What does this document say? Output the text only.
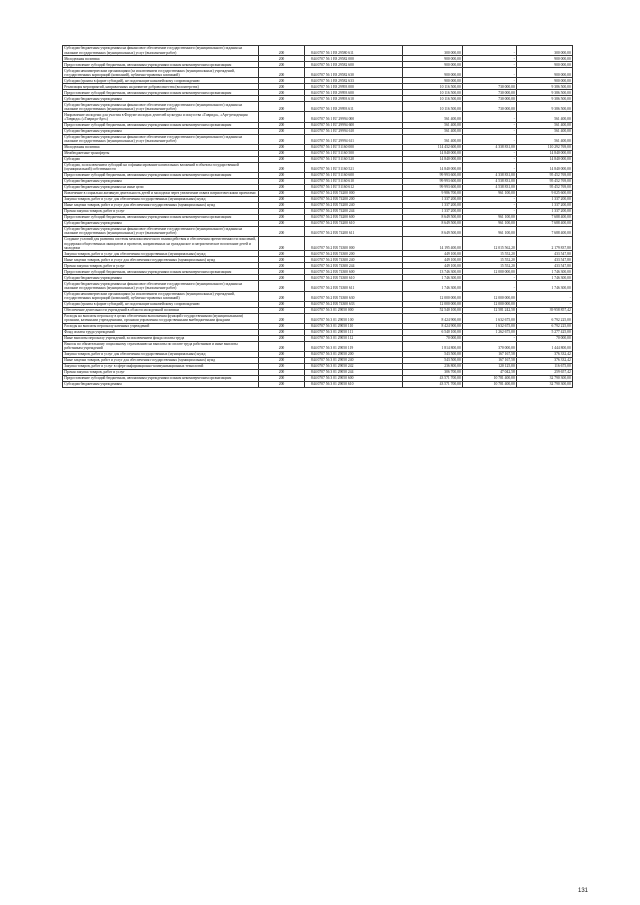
Субсидии бюджетным учреждениям на финансовое обеспечение государственного (муниципального) задания на оказание государственных (муниципальных) услуг (выполнение работ)	200	844 0707 56 1 Е8 29580 611	300 000,00	-	300 000,00
Молодежная политика	200	844 0707 56 1 Е8 29582 000	900 000,00	-	900 000,00
Предоставление субсидий бюджетным, автономным учреждениям и иным некоммерческим организациям	200	844 0707 56 1 Е8 29582 600	900 000,00	-	900 000,00
Субсидии некоммерческим организациям (за исключением государственных (муниципальных) учреждений, государственных корпораций (компаний), публично-правовых компаний)	200	844 0707 56 1 Е8 29582 630	900 000,00	-	900 000,00
Субсидии (гранты в форме субсидий), не подлежащие казначейскому сопровождению	200	844 0707 56 1 Е8 29582 633	900 000,00	-	900 000,00
Реализация мероприятий, направленных на развитие добровольчества (волонтерства)	200	844 0707 56 1 Е8 29993 000	10 116 500,00	730 000,00	9 386 500,00
Предоставление субсидий бюджетным, автономным учреждениям и иным некоммерческим организациям	200	844 0707 56 1 Е8 29993 600	10 116 500,00	730 000,00	9 386 500,00
Субсидии бюджетным учреждениям	200	844 0707 56 1 Е8 29993 610	10 116 500,00	730 000,00	9 386 500,00
Субсидии бюджетным учреждениям на финансовое обеспечение государственного (муниципального) задания на оказание государственных (муниципальных) услуг (выполнение работ)	200	844 0707 56 1 Е8 29993 611	10 116 500,00	730 000,00	9 386 500,00
Направление молодежи для участия в Форуме молодых деятелей культуры и искусства «Таврида», «Арт-резиденция «Таврида» («Таврида-Арт»)	200	844 0707 56 1 ЕГ 29994 000	561 400,00	-	561 400,00
Предоставление субсидий бюджетным, автономным учреждениям и иным некоммерческим организациям	200	844 0707 56 1 ЕГ 29994 600	561 400,00	-	561 400,00
Субсидии бюджетным учреждениям	200	844 0707 56 1 ЕГ 29994 610	561 400,00	-	561 400,00
Субсидии бюджетным учреждениям на финансовое обеспечение государственного (муниципального) задания на оказание государственных (муниципальных) услуг (выполнение работ)	200	844 0707 56 1 ЕГ 29994 611	561 400,00	-	561 400,00
Молодежная политика	200	844 0707 56 1 ЕГ 51160 000	114 432 600,00	4 338 831,00	110 292 769,00
Межбюджетные трансферты	200	844 0707 56 1 ЕГ 51160 500	14 840 000,00	-	14 840 000,00
Субсидии	200	844 0707 56 1 ЕГ 51160 520	14 840 000,00	-	14 840 000,00
Субсидии, за исключением субсидий на софинансирование капитальных вложений в объекты государственной (муниципальной) собственности	200	844 0707 56 1 ЕГ 51160 521	14 840 000,00	-	14 840 000,00
Предоставление субсидий бюджетным, автономным учреждениям и иным некоммерческим организациям	200	844 0707 56 1 ЕГ 51160 600	99 993 600,00	4 338 831,00	95 452 769,00
Субсидии бюджетным учреждениям	200	844 0707 56 1 ЕГ 51160 610	99 993 600,00	4 538 831,00	95 452 769,00
Субсидии бюджетным учреждениям на иные цели	200	844 0707 56 1 ЕГ 51160 612	99 993 600,00	4 538 831,00	95 452 769,00
Вовлечение в социально активную деятельность детей и молодежи через увеличение охвата патриотическими проектами	200	844 0707 56 2 ЕВ 74200 000	9 986 700,00	961 100,00	9 025 600,00
Закупка товаров, работ и услуг для обеспечения государственных (муниципальных) нужд	200	844 0707 56 2 ЕВ 74200 200	1 337 200,00	-	1 337 200,00
Иные закупки товаров, работ и услуг для обеспечения государственных (муниципальных) нужд	200	844 0707 56 2 ЕВ 74200 240	1 337 200,00	-	1 337 200,00
Прочая закупка товаров, работ и услуг	200	844 0707 56 2 ЕВ 74200 244	1 337 200,00	-	1 337 200,00
Предоставление субсидий бюджетным, автономным учреждениям и иным некоммерческим организациям	200	844 0707 56 2 ЕВ 74200 600	8 649 500,00	961 100,00	7 688 400,00
Субсидии бюджетным учреждениям	200	844 0707 56 2 ЕВ 74200 610	8 649 500,00	961 100,00	7 688 400,00
Субсидии бюджетным учреждениям на финансовое обеспечение государственного (муниципального) задания на оказание государственных (муниципальных) услуг (выполнение работ)	200	844 0707 56 2 ЕВ 74200 611	8 649 500,00	961 100,00	7 688 400,00
Создание условий для развития системы межпоколенческого взаимодействия и обеспечения преемственности поколений, поддержки общественных инициатив и проектов, направленных на гражданское и патриотическое воспитание детей и молодежи	200	844 0707 56 2 ЕВ 74300 000	14 195 400,00	12 015 562,20	2 179 837,80
Закупка товаров, работ и услуг для обеспечения государственных (муниципальных) нужд	200	844 0707 56 2 ЕВ 74300 200	449 100,00	15 552,20	433 547,80
Иные закупки товаров, работ и услуг для обеспечения государственных (муниципальных) нужд	200	844 0707 56 2 ЕВ 74300 240	449 100,00	15 552,20	433 547,80
Прочая закупка товаров, работ и услуг	200	844 0707 56 2 ЕВ 74300 244	449 100,00	15 552,20	433 547,80
Предоставление субсидий бюджетным, автономным учреждениям и иным некоммерческим организациям	200	844 0707 56 2 ЕВ 74300 600	13 746 300,00	12 000 000,00	1 746 300,00
Субсидии бюджетным учреждениям	200	844 0707 56 2 ЕВ 74300 610	1 746 300,00	-	1 746 300,00
Субсидии бюджетным учреждениям на финансовое обеспечение государственного (муниципального) задания на оказание государственных (муниципальных) услуг (выполнение работ)	200	844 0707 56 2 ЕВ 74300 611	1 746 300,00	-	1 746 300,00
Субсидии некоммерческим организациям (за исключением государственных (муниципальных) учреждений, государственных корпораций (компаний), публично-правовых компаний)	200	844 0707 56 2 ЕВ 74300 630	12 000 000,00	12 000 000,00	-
Субсидии (гранты в форме субсидий), не подлежащие казначейскому сопровождению	200	844 0707 56 2 ЕВ 74300 633	12 000 000,00	12 000 000,00	-
Обеспечение деятельности учреждений в области молодежной политики	200	844 0707 56 3 01 29050 000	52 540 100,00	12 581 242,58	39 958 857,42
Расходы на выплаты персоналу в целях обеспечения выполнения функций государственными (муниципальными) органами, казенными учреждениями, органами управления государственными внебюджетными фондами	200	844 0707 56 3 01 29050 100	8 424 900,00	1 632 675,00	6 792 225,00
Расходы на выплаты персоналу казенных учреждений	200	844 0707 56 3 01 29050 110	8 424 900,00	1 632 675,00	6 792 225,00
Фонд оплаты труда учреждений	200	844 0707 56 3 01 29050 111	6 540 100,00	1 262 675,00	5 277 425,00
Иные выплаты персоналу учреждений, за исключением фонда оплаты труда	200	844 0707 56 3 01 29050 112	70 000,00	-	70 000,00
Взносы по обязательному социальному страхованию на выплаты по оплате труда работников и иные выплаты работникам учреждений	200	844 0707 56 3 01 29050 119	1 814 800,00	370 000,00	1 444 800,00
Закупка товаров, работ и услуг для обеспечения государственных (муниципальных) нужд	200	844 0707 56 3 01 29050 200	543 500,00	167 167,58	376 332,42
Иные закупки товаров, работ и услуг для обеспечения государственных (муниципальных) нужд	200	844 0707 56 3 01 29050 240	543 500,00	167 167,58	376 332,42
Закупка товаров, работ и услуг в сфере информационно-коммуникационных технологий	200	844 0707 56 3 01 29050 242	236 800,00	120 125,00	116 675,00
Прочая закупка товаров, работ и услуг	200	844 0707 56 3 01 29050 244	306 700,00	47 042,58	259 657,42
Предоставление субсидий бюджетным, автономным учреждениям и иным некоммерческим организациям	200	844 0707 56 3 01 29050 600	43 571 700,00	10 781 400,00	32 790 300,00
Субсидии бюджетным учреждениям	200	844 0707 56 3 01 29050 610	43 571 700,00	10 781 400,00	32 790 300,00
131
